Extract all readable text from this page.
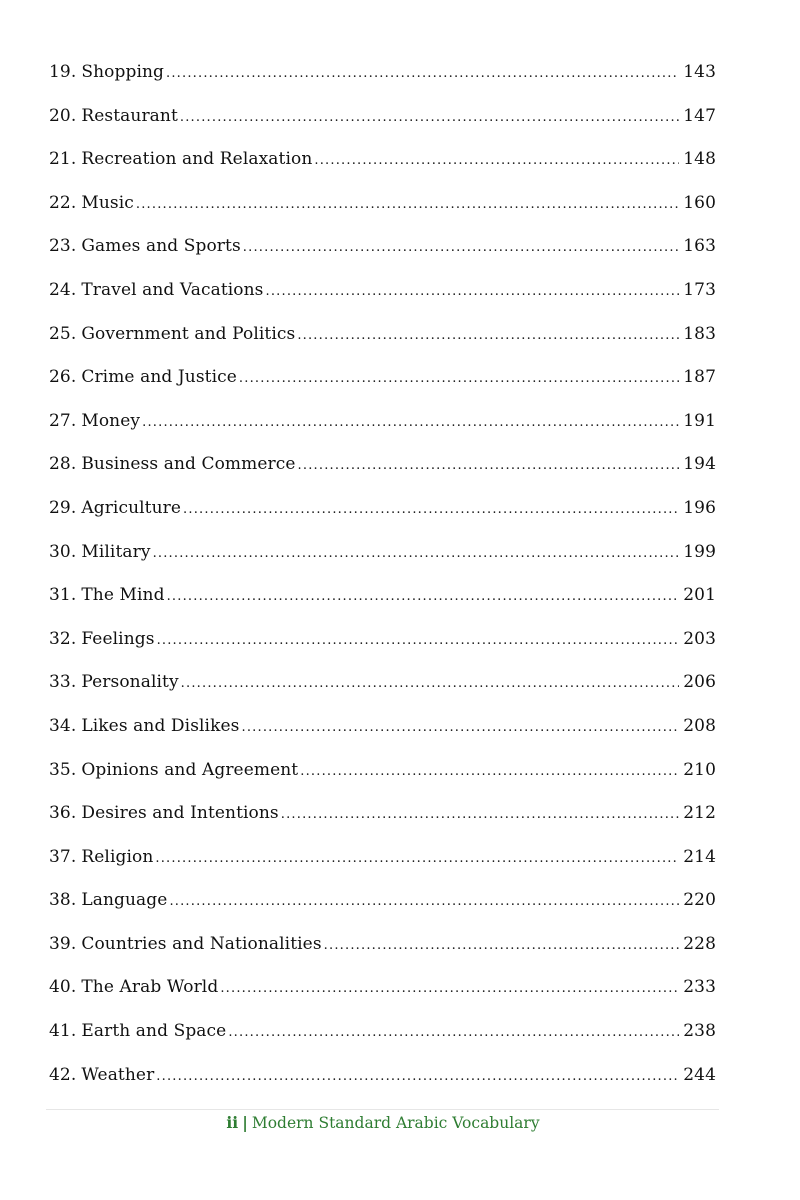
19. Shopping .....	143
20. Restaurant .....	147
21. Recreation and Relaxation .....	148
22. Music .....	160
23. Games and Sports .....	163
24. Travel and Vacations .....	173
25. Government and Politics .....	183
26. Crime and Justice .....	187
27. Money .....	191
28. Business and Commerce .....	194
29. Agriculture .....	196
30. Military .....	199
31. The Mind .....	201
32. Feelings .....	203
33. Personality .....	206
34. Likes and Dislikes .....	208
35. Opinions and Agreement .....	210
36. Desires and Intentions .....	212
37. Religion .....	214
38. Language .....	220
39. Countries and Nationalities .....	228
40. The Arab World .....	233
41. Earth and Space .....	238
42. Weather .....	244
ii | Modern Standard Arabic Vocabulary
